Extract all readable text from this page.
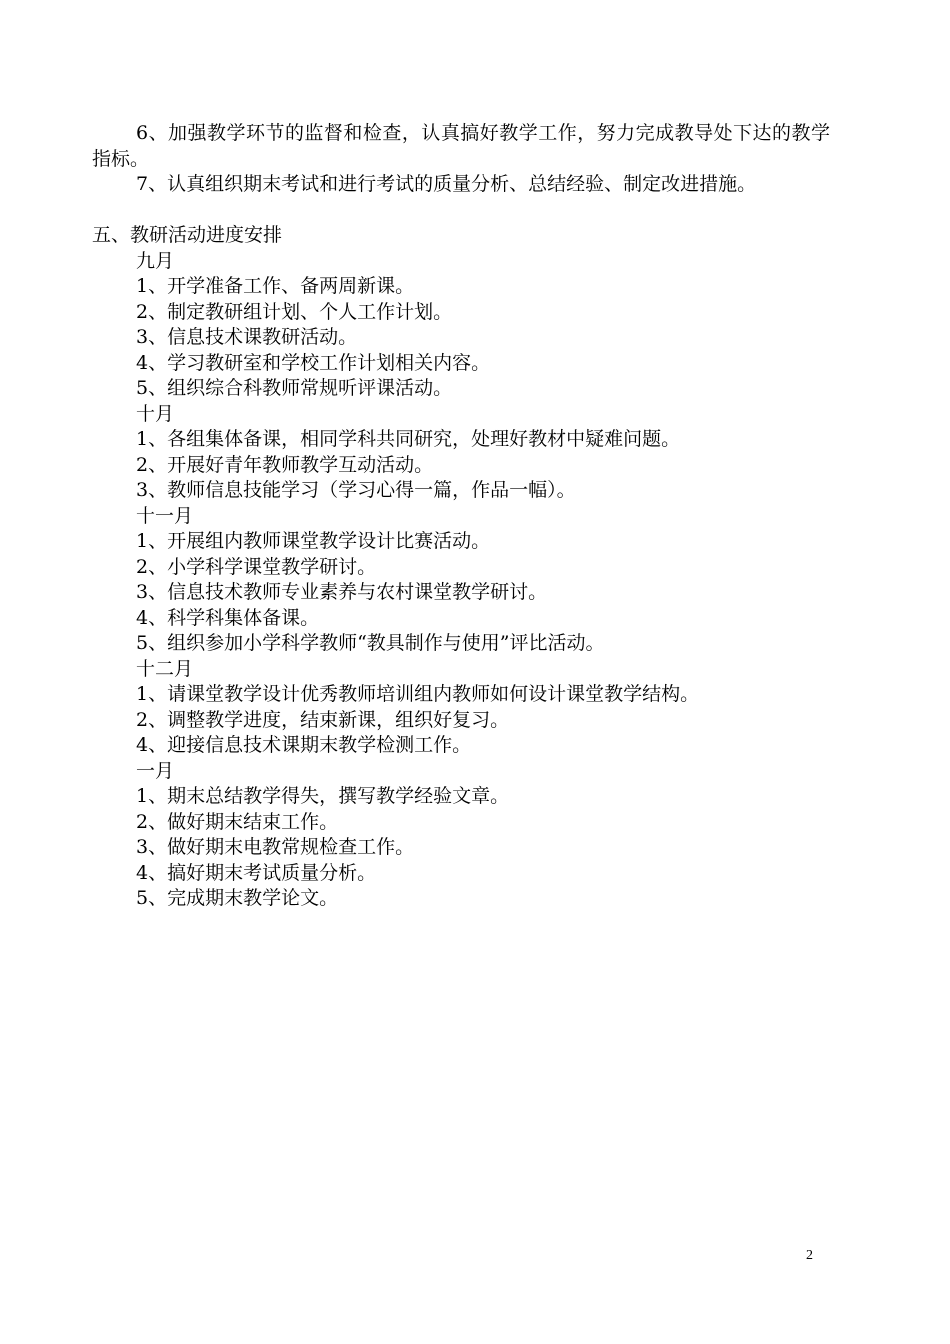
6、加强教学环节的监督和检查，认真搞好教学工作，努力完成教导处下达的教学指标。

7、认真组织期末考试和进行考试的质量分析、总结经验、制定改进措施。

五、教研活动进度安排

九月

1、开学准备工作、备两周新课。

2、制定教研组计划、个人工作计划。

3、信息技术课教研活动。

4、学习教研室和学校工作计划相关内容。

5、组织综合科教师常规听评课活动。

十月

1、各组集体备课，相同学科共同研究，处理好教材中疑难问题。

2、开展好青年教师教学互动活动。

3、教师信息技能学习（学习心得一篇，作品一幅）。

十一月

1、开展组内教师课堂教学设计比赛活动。

2、小学科学课堂教学研讨。

3、信息技术教师专业素养与农村课堂教学研讨。

4、科学科集体备课。

5、组织参加小学科学教师“教具制作与使用”评比活动。

十二月

1、请课堂教学设计优秀教师培训组内教师如何设计课堂教学结构。

2、调整教学进度，结束新课，组织好复习。

4、迎接信息技术课期末教学检测工作。

一月

1、期末总结教学得失，撰写教学经验文章。

2、做好期末结束工作。

3、做好期末电教常规检查工作。

4、搞好期末考试质量分析。

5、完成期末教学论文。

2
